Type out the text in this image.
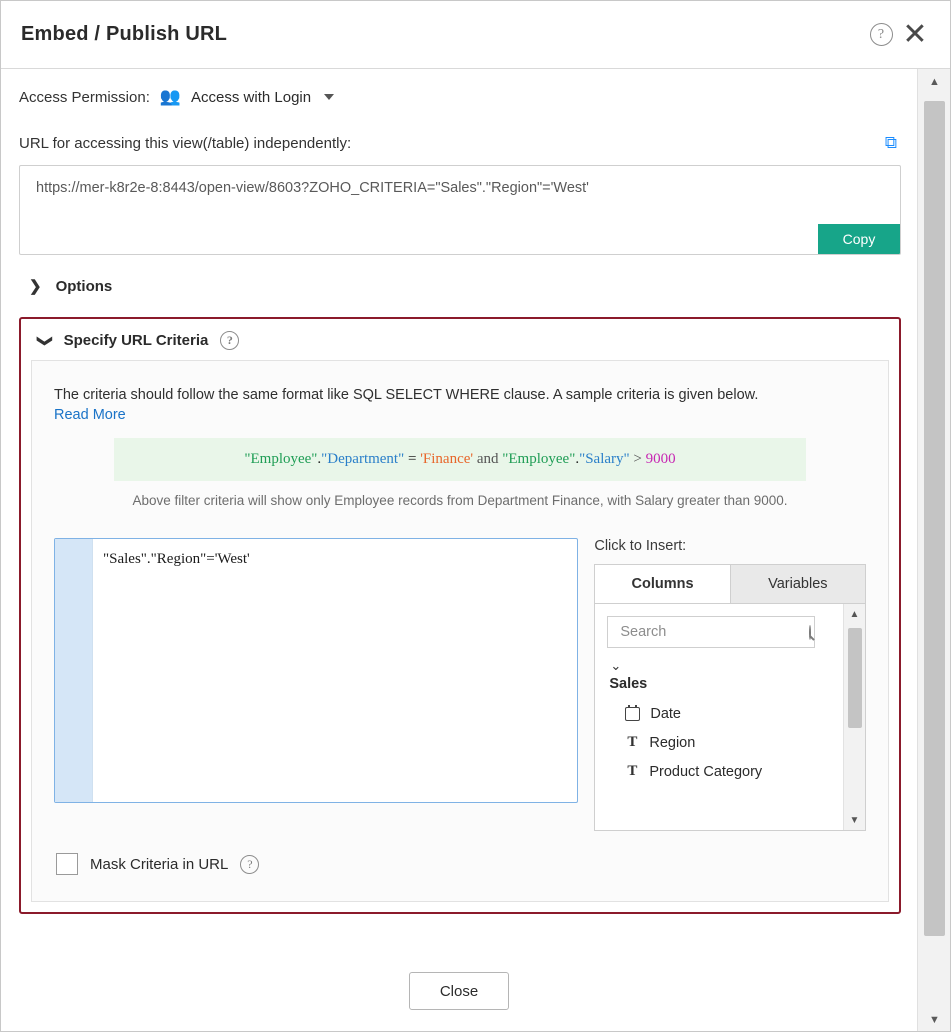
Embed / Publish URL	? ✕
Access Permission: 👥 Access with Login
URL for accessing this view(/table) independently:	⧉
https://mer-k8r2e-8:8443/open-view/8603?ZOHO_CRITERIA="Sales"."Region"='West'
Copy
❯ Options
❯ Specify URL Criteria	?
The criteria should follow the same format like SQL SELECT WHERE clause. A sample criteria is given below.
Read More
"Employee"."Department" = 'Finance' and "Employee"."Salary" > 9000
Above filter criteria will show only Employee records from Department Finance, with Salary greater than 9000.
"Sales"."Region"='West'
Click to Insert:
Columns	Variables
Search
⌄
Sales
Date
T Region
T Product Category
▲
▼
Mask Criteria in URL	?
▲
▼
Close
